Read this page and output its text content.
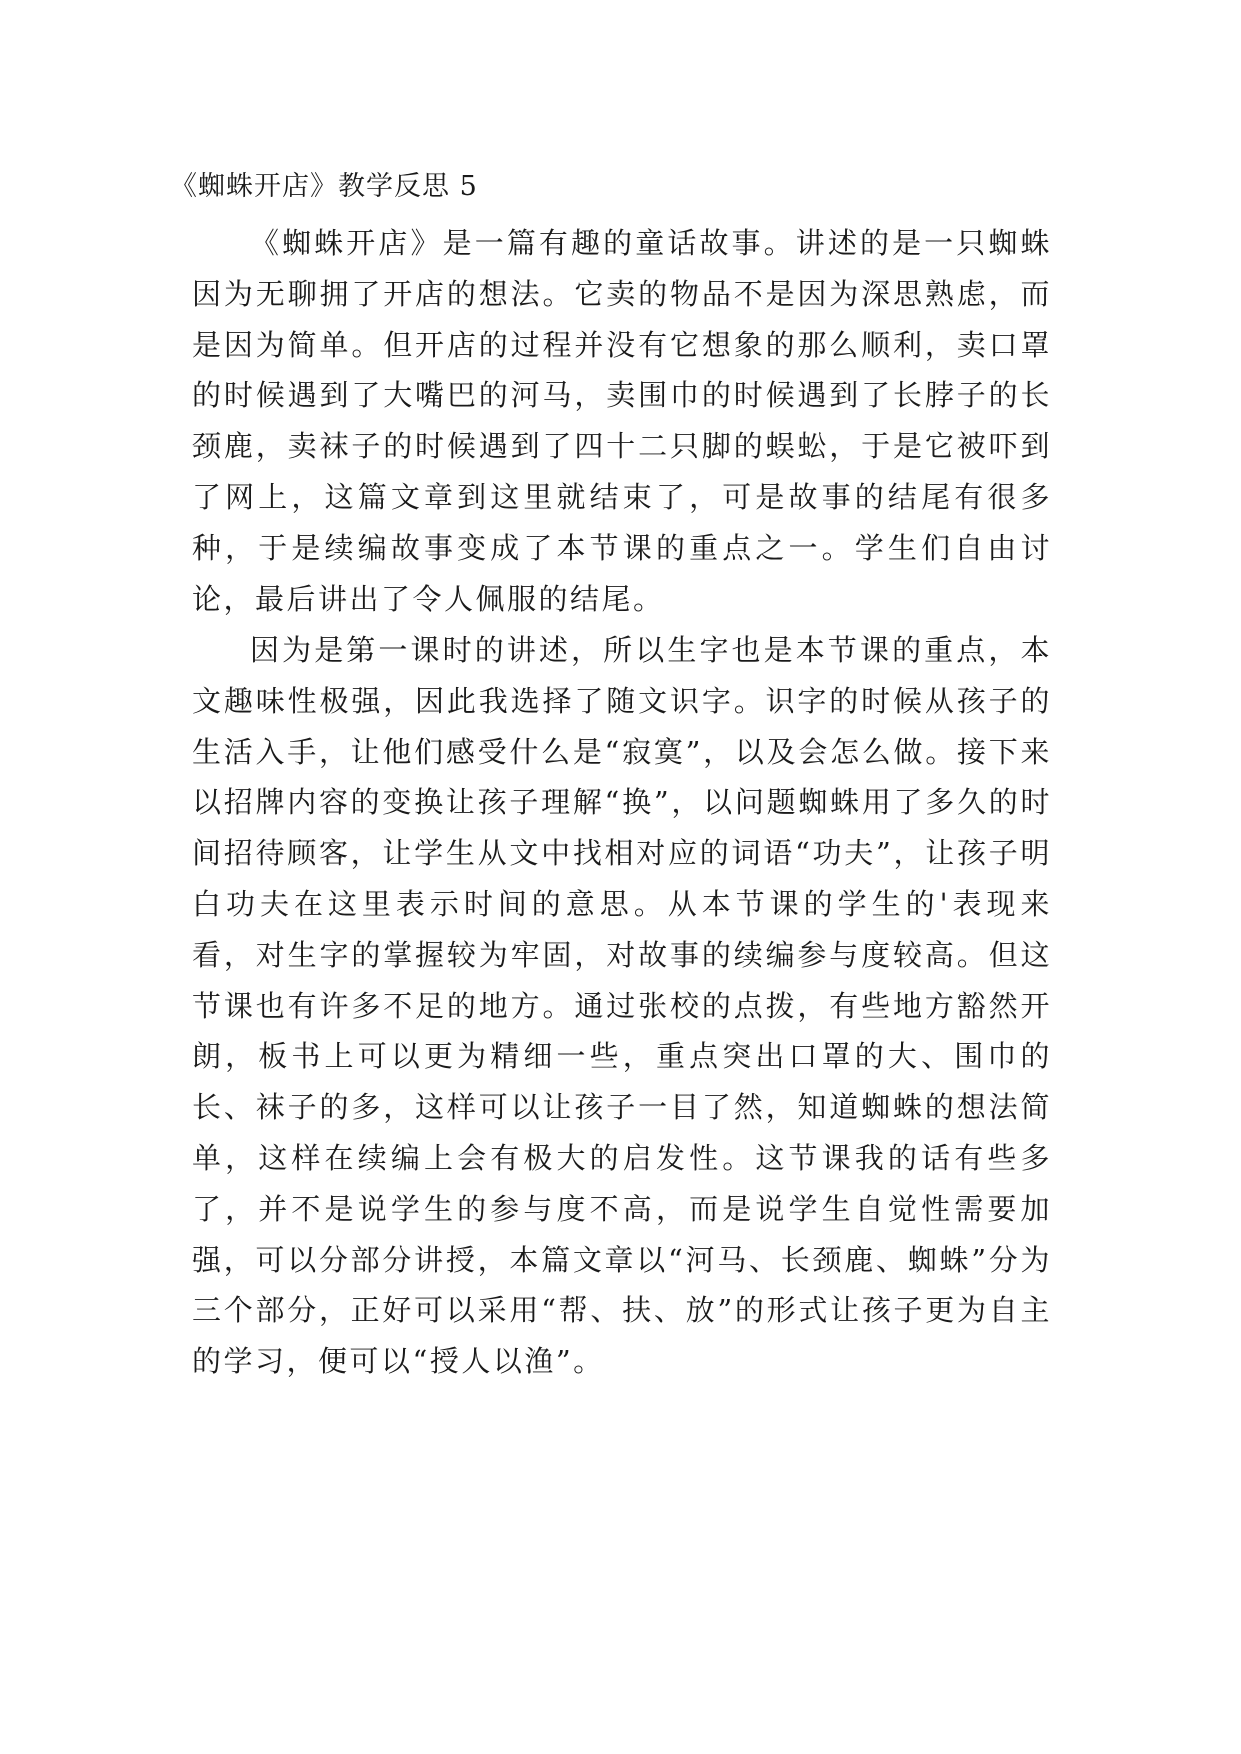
《蜘蛛开店》教学反思 5

《蜘蛛开店》是一篇有趣的童话故事。讲述的是一只蜘蛛因为无聊拥了开店的想法。它卖的物品不是因为深思熟虑，而是因为简单。但开店的过程并没有它想象的那么顺利，卖口罩的时候遇到了大嘴巴的河马，卖围巾的时候遇到了长脖子的长颈鹿，卖袜子的时候遇到了四十二只脚的蜈蚣，于是它被吓到了网上，这篇文章到这里就结束了，可是故事的结尾有很多种，于是续编故事变成了本节课的重点之一。学生们自由讨论，最后讲出了令人佩服的结尾。

因为是第一课时的讲述，所以生字也是本节课的重点，本文趣味性极强，因此我选择了随文识字。识字的时候从孩子的生活入手，让他们感受什么是“寂寞”，以及会怎么做。接下来以招牌内容的变换让孩子理解“换”，以问题蜘蛛用了多久的时间招待顾客，让学生从文中找相对应的词语“功夫”，让孩子明白功夫在这里表示时间的意思。从本节课的学生的'表现来看，对生字的掌握较为牢固，对故事的续编参与度较高。但这节课也有许多不足的地方。通过张校的点拨，有些地方豁然开朗，板书上可以更为精细一些，重点突出口罩的大、围巾的长、袜子的多，这样可以让孩子一目了然，知道蜘蛛的想法简单，这样在续编上会有极大的启发性。这节课我的话有些多了，并不是说学生的参与度不高，而是说学生自觉性需要加强，可以分部分讲授，本篇文章以“河马、长颈鹿、蜘蛛”分为三个部分，正好可以采用“帮、扶、放”的形式让孩子更为自主的学习，便可以“授人以渔”。
